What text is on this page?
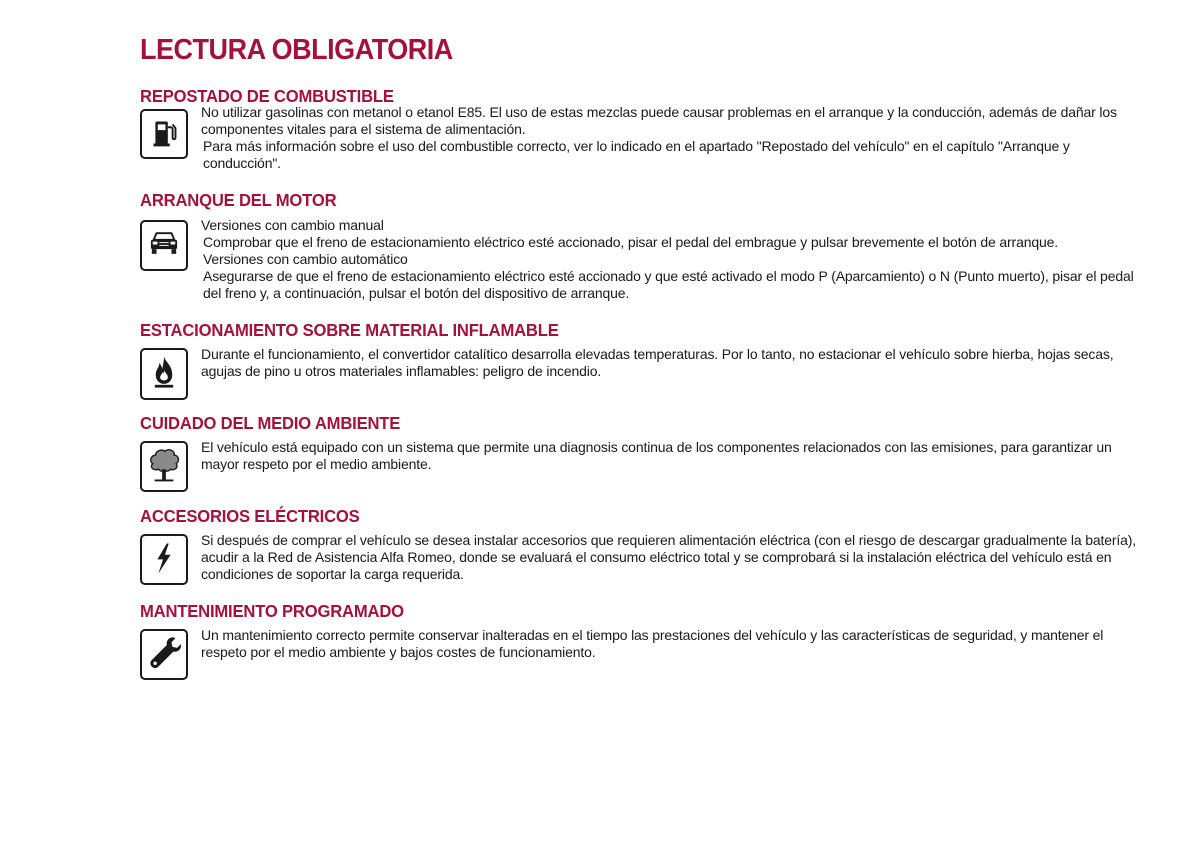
LECTURA OBLIGATORIA
REPOSTADO DE COMBUSTIBLE

No utilizar gasolinas con metanol o etanol E85. El uso de estas mezclas puede causar problemas en el arranque y la conducción, además de dañar los componentes vitales para el sistema de alimentación.

Para más información sobre el uso del combustible correcto, ver lo indicado en el apartado "Repostado del vehículo" en el capítulo "Arranque y conducción".

ARRANQUE DEL MOTOR

Versiones con cambio manual

Comprobar que el freno de estacionamiento eléctrico esté accionado, pisar el pedal del embrague y pulsar brevemente el botón de arranque.

Versiones con cambio automático

Asegurarse de que el freno de estacionamiento eléctrico esté accionado y que esté activado el modo P (Aparcamiento) o N (Punto muerto), pisar el pedal del freno y, a continuación, pulsar el botón del dispositivo de arranque.

ESTACIONAMIENTO SOBRE MATERIAL INFLAMABLE

Durante el funcionamiento, el convertidor catalítico desarrolla elevadas temperaturas. Por lo tanto, no estacionar el vehículo sobre hierba, hojas secas, agujas de pino u otros materiales inflamables: peligro de incendio.

CUIDADO DEL MEDIO AMBIENTE

El vehículo está equipado con un sistema que permite una diagnosis continua de los componentes relacionados con las emisiones, para garantizar un mayor respeto por el medio ambiente.

ACCESORIOS ELÉCTRICOS

Si después de comprar el vehículo se desea instalar accesorios que requieren alimentación eléctrica (con el riesgo de descargar gradualmente la batería), acudir a la Red de Asistencia Alfa Romeo, donde se evaluará el consumo eléctrico total y se comprobará si la instalación eléctrica del vehículo está en condiciones de soportar la carga requerida.

MANTENIMIENTO PROGRAMADO

Un mantenimiento correcto permite conservar inalteradas en el tiempo las prestaciones del vehículo y las características de seguridad, y mantener el respeto por el medio ambiente y bajos costes de funcionamiento.
